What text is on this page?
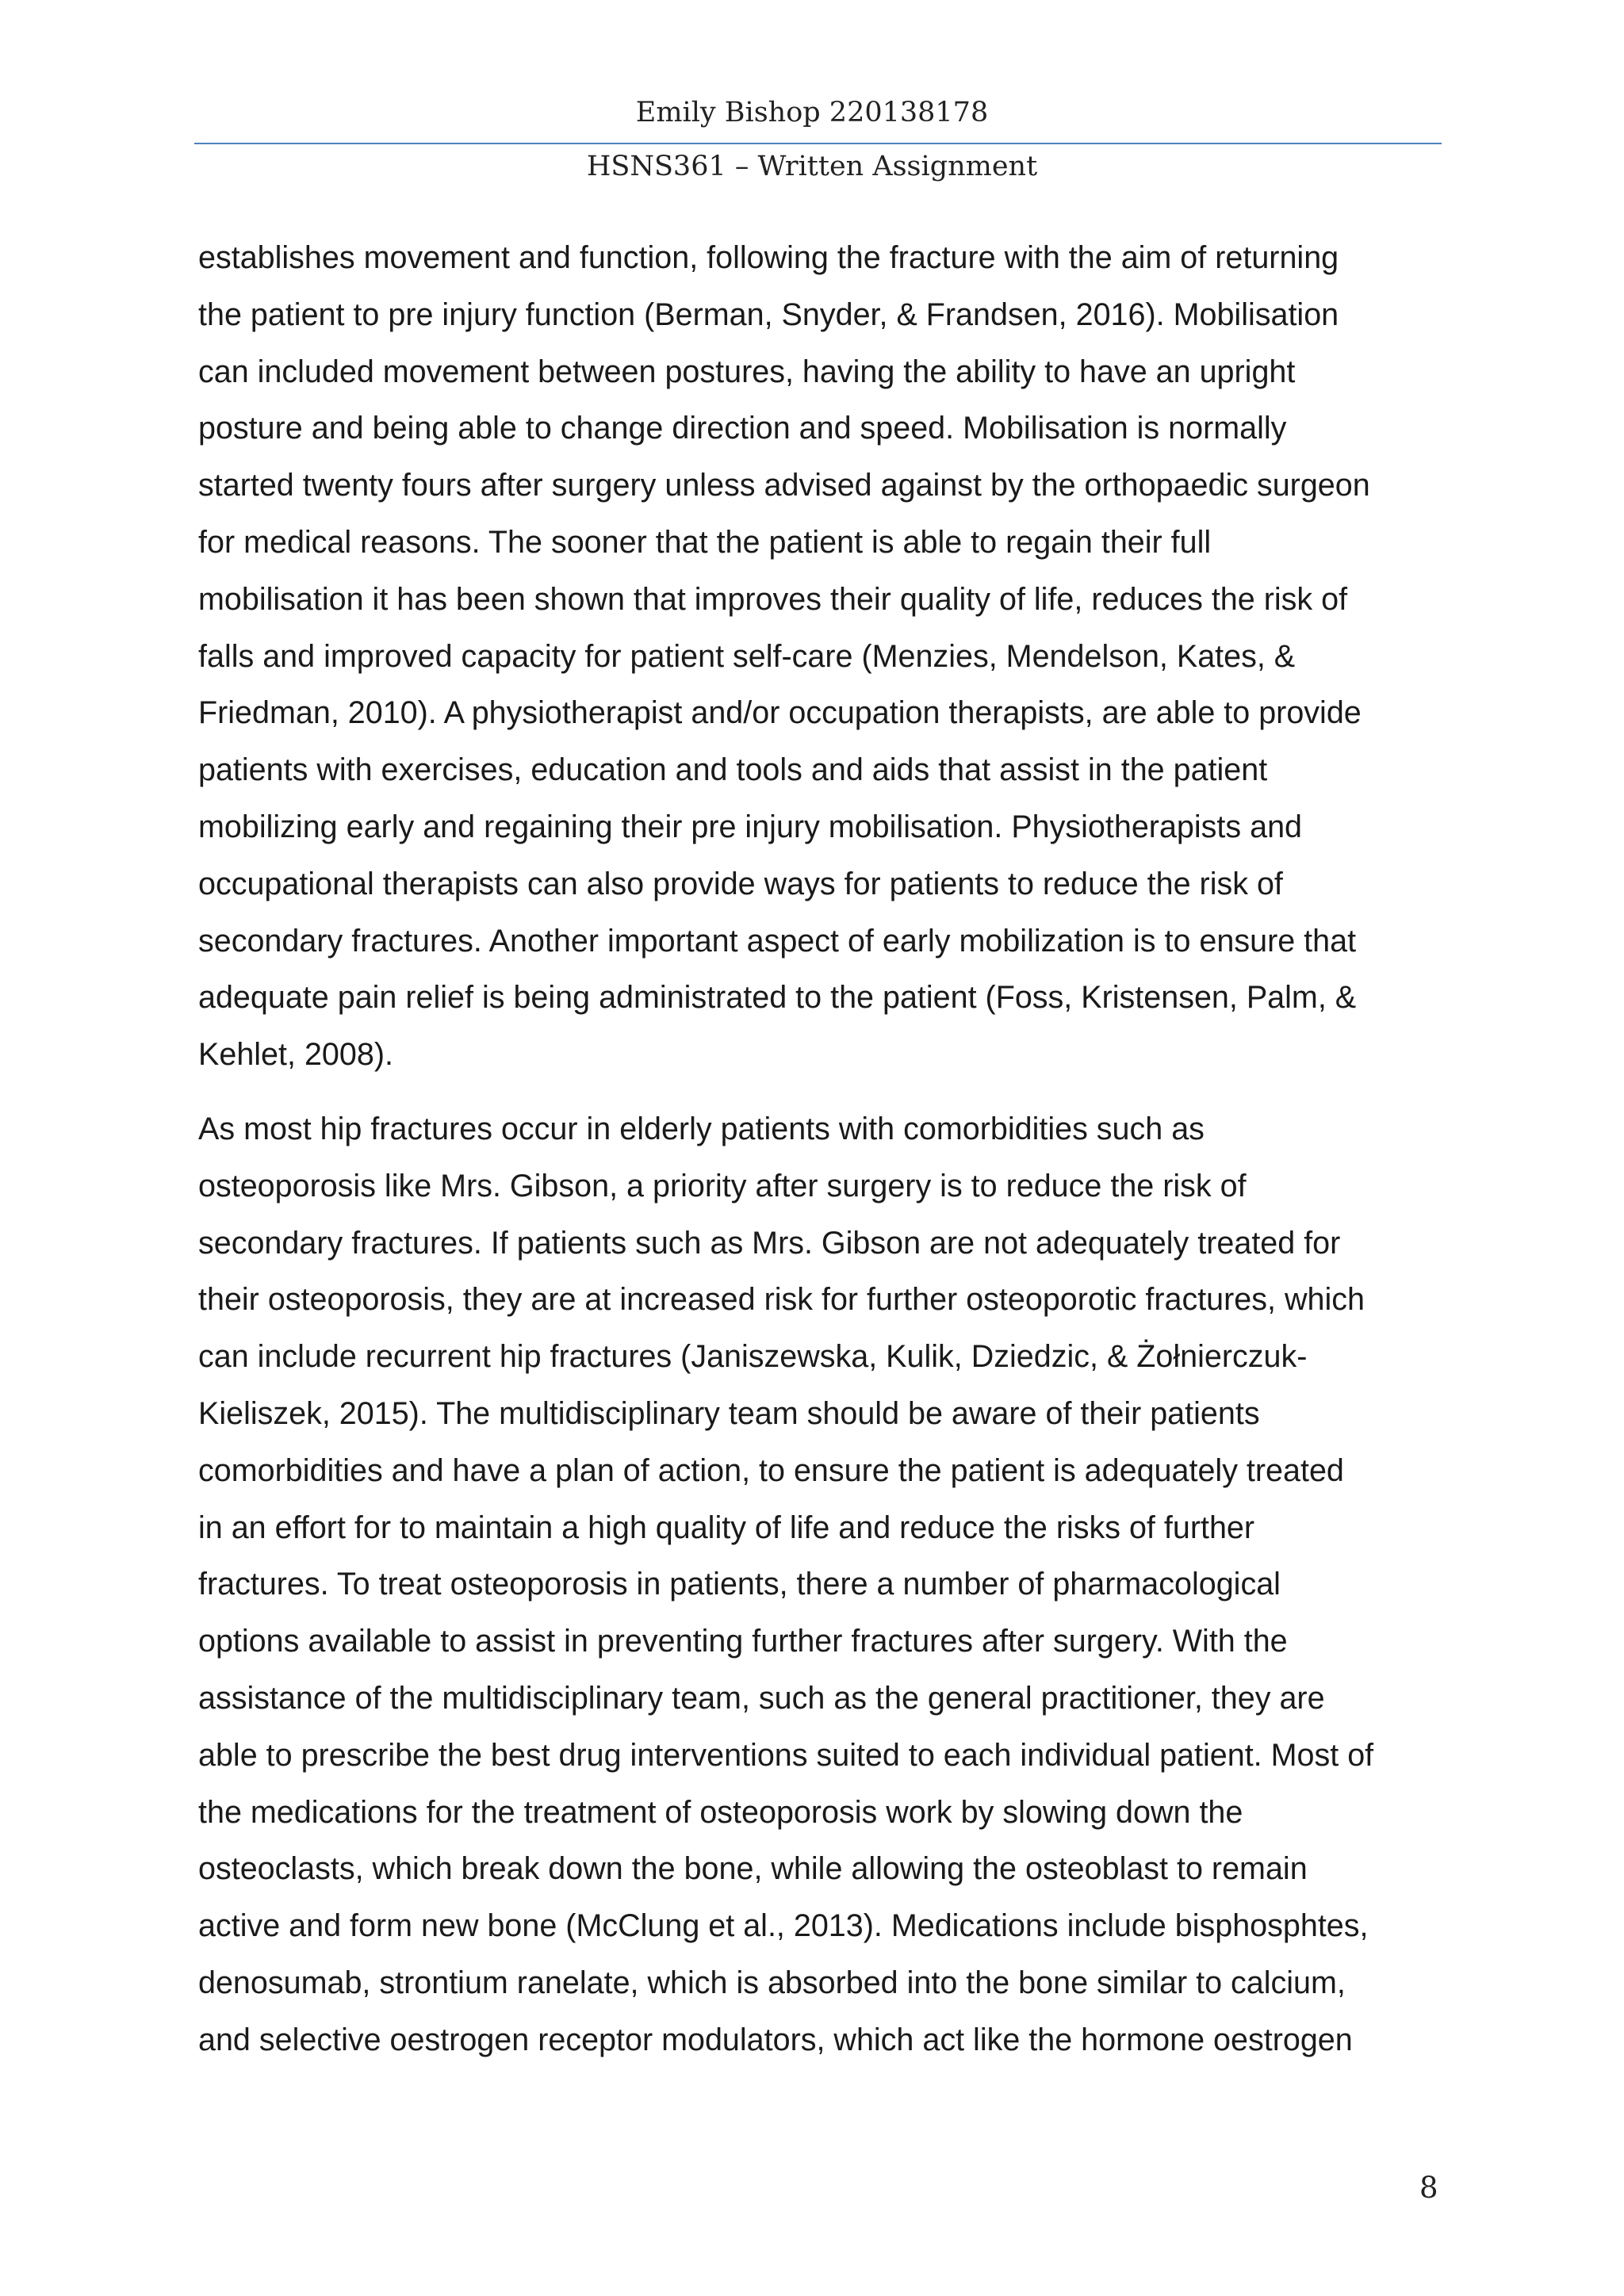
Emily Bishop 220138178
HSNS361 – Written Assignment
establishes movement and function, following the fracture with the aim of returning
the patient to pre injury function (Berman, Snyder, & Frandsen, 2016). Mobilisation
can included movement between postures, having the ability to have an upright
posture and being able to change direction and speed. Mobilisation is normally
started twenty fours after surgery unless advised against by the orthopaedic surgeon
for medical reasons. The sooner that the patient is able to regain their full
mobilisation it has been shown that improves their quality of life, reduces the risk of
falls and improved capacity for patient self-care (Menzies, Mendelson, Kates, &
Friedman, 2010). A physiotherapist and/or occupation therapists, are able to provide
patients with exercises, education and tools and aids that assist in the patient
mobilizing early and regaining their pre injury mobilisation. Physiotherapists and
occupational therapists can also provide ways for patients to reduce the risk of
secondary fractures. Another important aspect of early mobilization is to ensure that
adequate pain relief is being administrated to the patient (Foss, Kristensen, Palm, &
Kehlet, 2008).
As most hip fractures occur in elderly patients with comorbidities such as
osteoporosis like Mrs. Gibson, a priority after surgery is to reduce the risk of
secondary fractures. If patients such as Mrs. Gibson are not adequately treated for
their osteoporosis, they are at increased risk for further osteoporotic fractures, which
can include recurrent hip fractures (Janiszewska, Kulik, Dziedzic, & Żołnierczuk-
Kieliszek, 2015). The multidisciplinary team should be aware of their patients
comorbidities and have a plan of action, to ensure the patient is adequately treated
in an effort for to maintain a high quality of life and reduce the risks of further
fractures. To treat osteoporosis in patients, there a number of pharmacological
options available to assist in preventing further fractures after surgery. With the
assistance of the multidisciplinary team, such as the general practitioner, they are
able to prescribe the best drug interventions suited to each individual patient. Most of
the medications for the treatment of osteoporosis work by slowing down the
osteoclasts, which break down the bone, while allowing the osteoblast to remain
active and form new bone (McClung et al., 2013). Medications include bisphosphtes,
denosumab, strontium ranelate, which is absorbed into the bone similar to calcium,
and selective oestrogen receptor modulators, which act like the hormone oestrogen
8
